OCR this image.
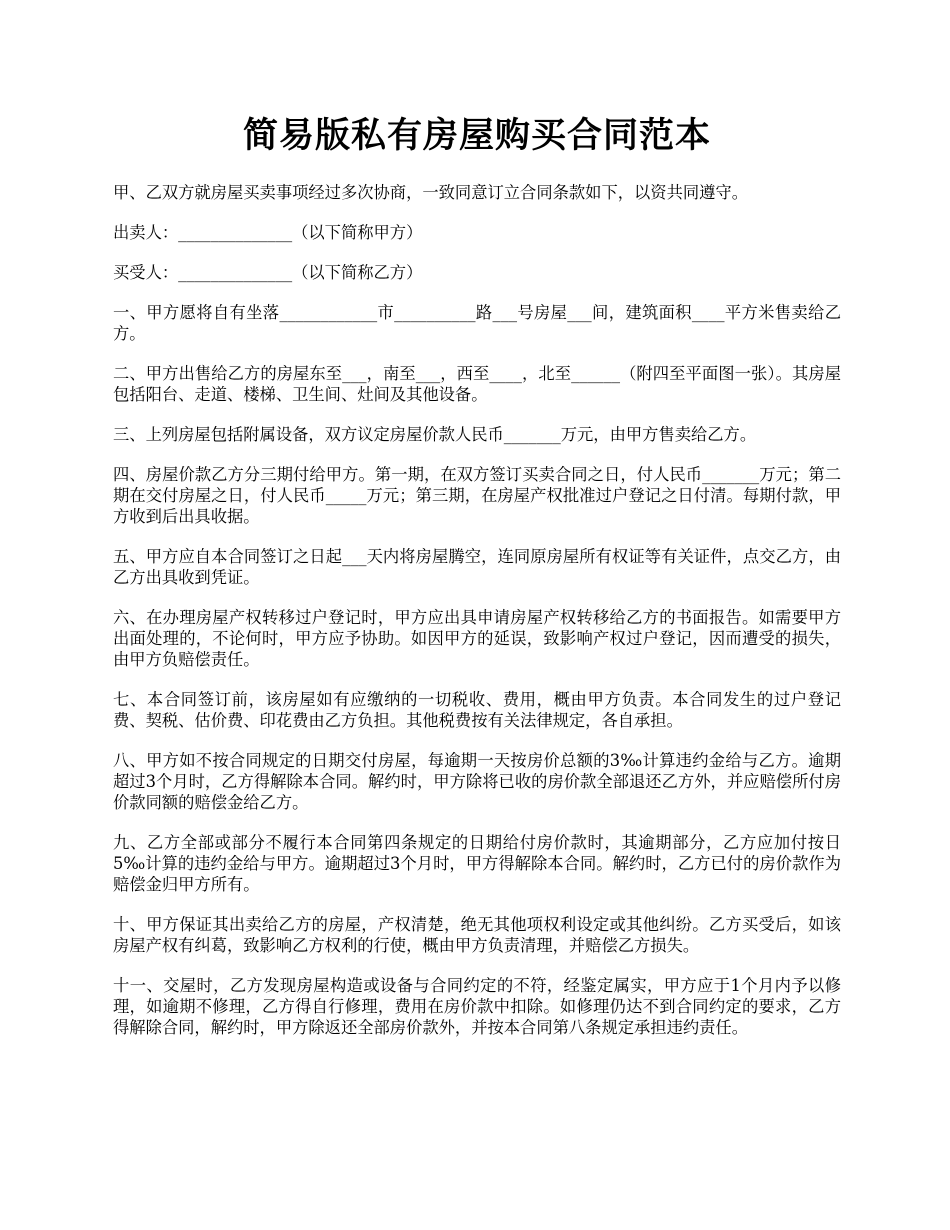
简易版私有房屋购买合同范本

甲、乙双方就房屋买卖事项经过多次协商，一致同意订立合同条款如下，以资共同遵守。

出卖人：______________（以下简称甲方）

买受人：______________（以下简称乙方）

一、甲方愿将自有坐落____________市__________路___号房屋___间，建筑面积____平方米售卖给乙方。

二、甲方出售给乙方的房屋东至___，南至___，西至____，北至______（附四至平面图一张）。其房屋包括阳台、走道、楼梯、卫生间、灶间及其他设备。

三、上列房屋包括附属设备，双方议定房屋价款人民币_______万元，由甲方售卖给乙方。

四、房屋价款乙方分三期付给甲方。第一期，在双方签订买卖合同之日，付人民币_______万元；第二期在交付房屋之日，付人民币_____万元；第三期，在房屋产权批准过户登记之日付清。每期付款，甲方收到后出具收据。

五、甲方应自本合同签订之日起___天内将房屋腾空，连同原房屋所有权证等有关证件，点交乙方，由乙方出具收到凭证。

六、在办理房屋产权转移过户登记时，甲方应出具申请房屋产权转移给乙方的书面报告。如需要甲方出面处理的，不论何时，甲方应予协助。如因甲方的延误，致影响产权过户登记，因而遭受的损失，由甲方负赔偿责任。

七、本合同签订前，该房屋如有应缴纳的一切税收、费用，概由甲方负责。本合同发生的过户登记费、契税、估价费、印花费由乙方负担。其他税费按有关法律规定，各自承担。

八、甲方如不按合同规定的日期交付房屋，每逾期一天按房价总额的3‰计算违约金给与乙方。逾期超过3个月时，乙方得解除本合同。解约时，甲方除将已收的房价款全部退还乙方外，并应赔偿所付房价款同额的赔偿金给乙方。

九、乙方全部或部分不履行本合同第四条规定的日期给付房价款时，其逾期部分，乙方应加付按日5‰计算的违约金给与甲方。逾期超过3个月时，甲方得解除本合同。解约时，乙方已付的房价款作为赔偿金归甲方所有。

十、甲方保证其出卖给乙方的房屋，产权清楚，绝无其他项权利设定或其他纠纷。乙方买受后，如该房屋产权有纠葛，致影响乙方权利的行使，概由甲方负责清理，并赔偿乙方损失。

十一、交屋时，乙方发现房屋构造或设备与合同约定的不符，经鉴定属实，甲方应于1个月内予以修理，如逾期不修理，乙方得自行修理，费用在房价款中扣除。如修理仍达不到合同约定的要求，乙方得解除合同，解约时，甲方除返还全部房价款外，并按本合同第八条规定承担违约责任。
